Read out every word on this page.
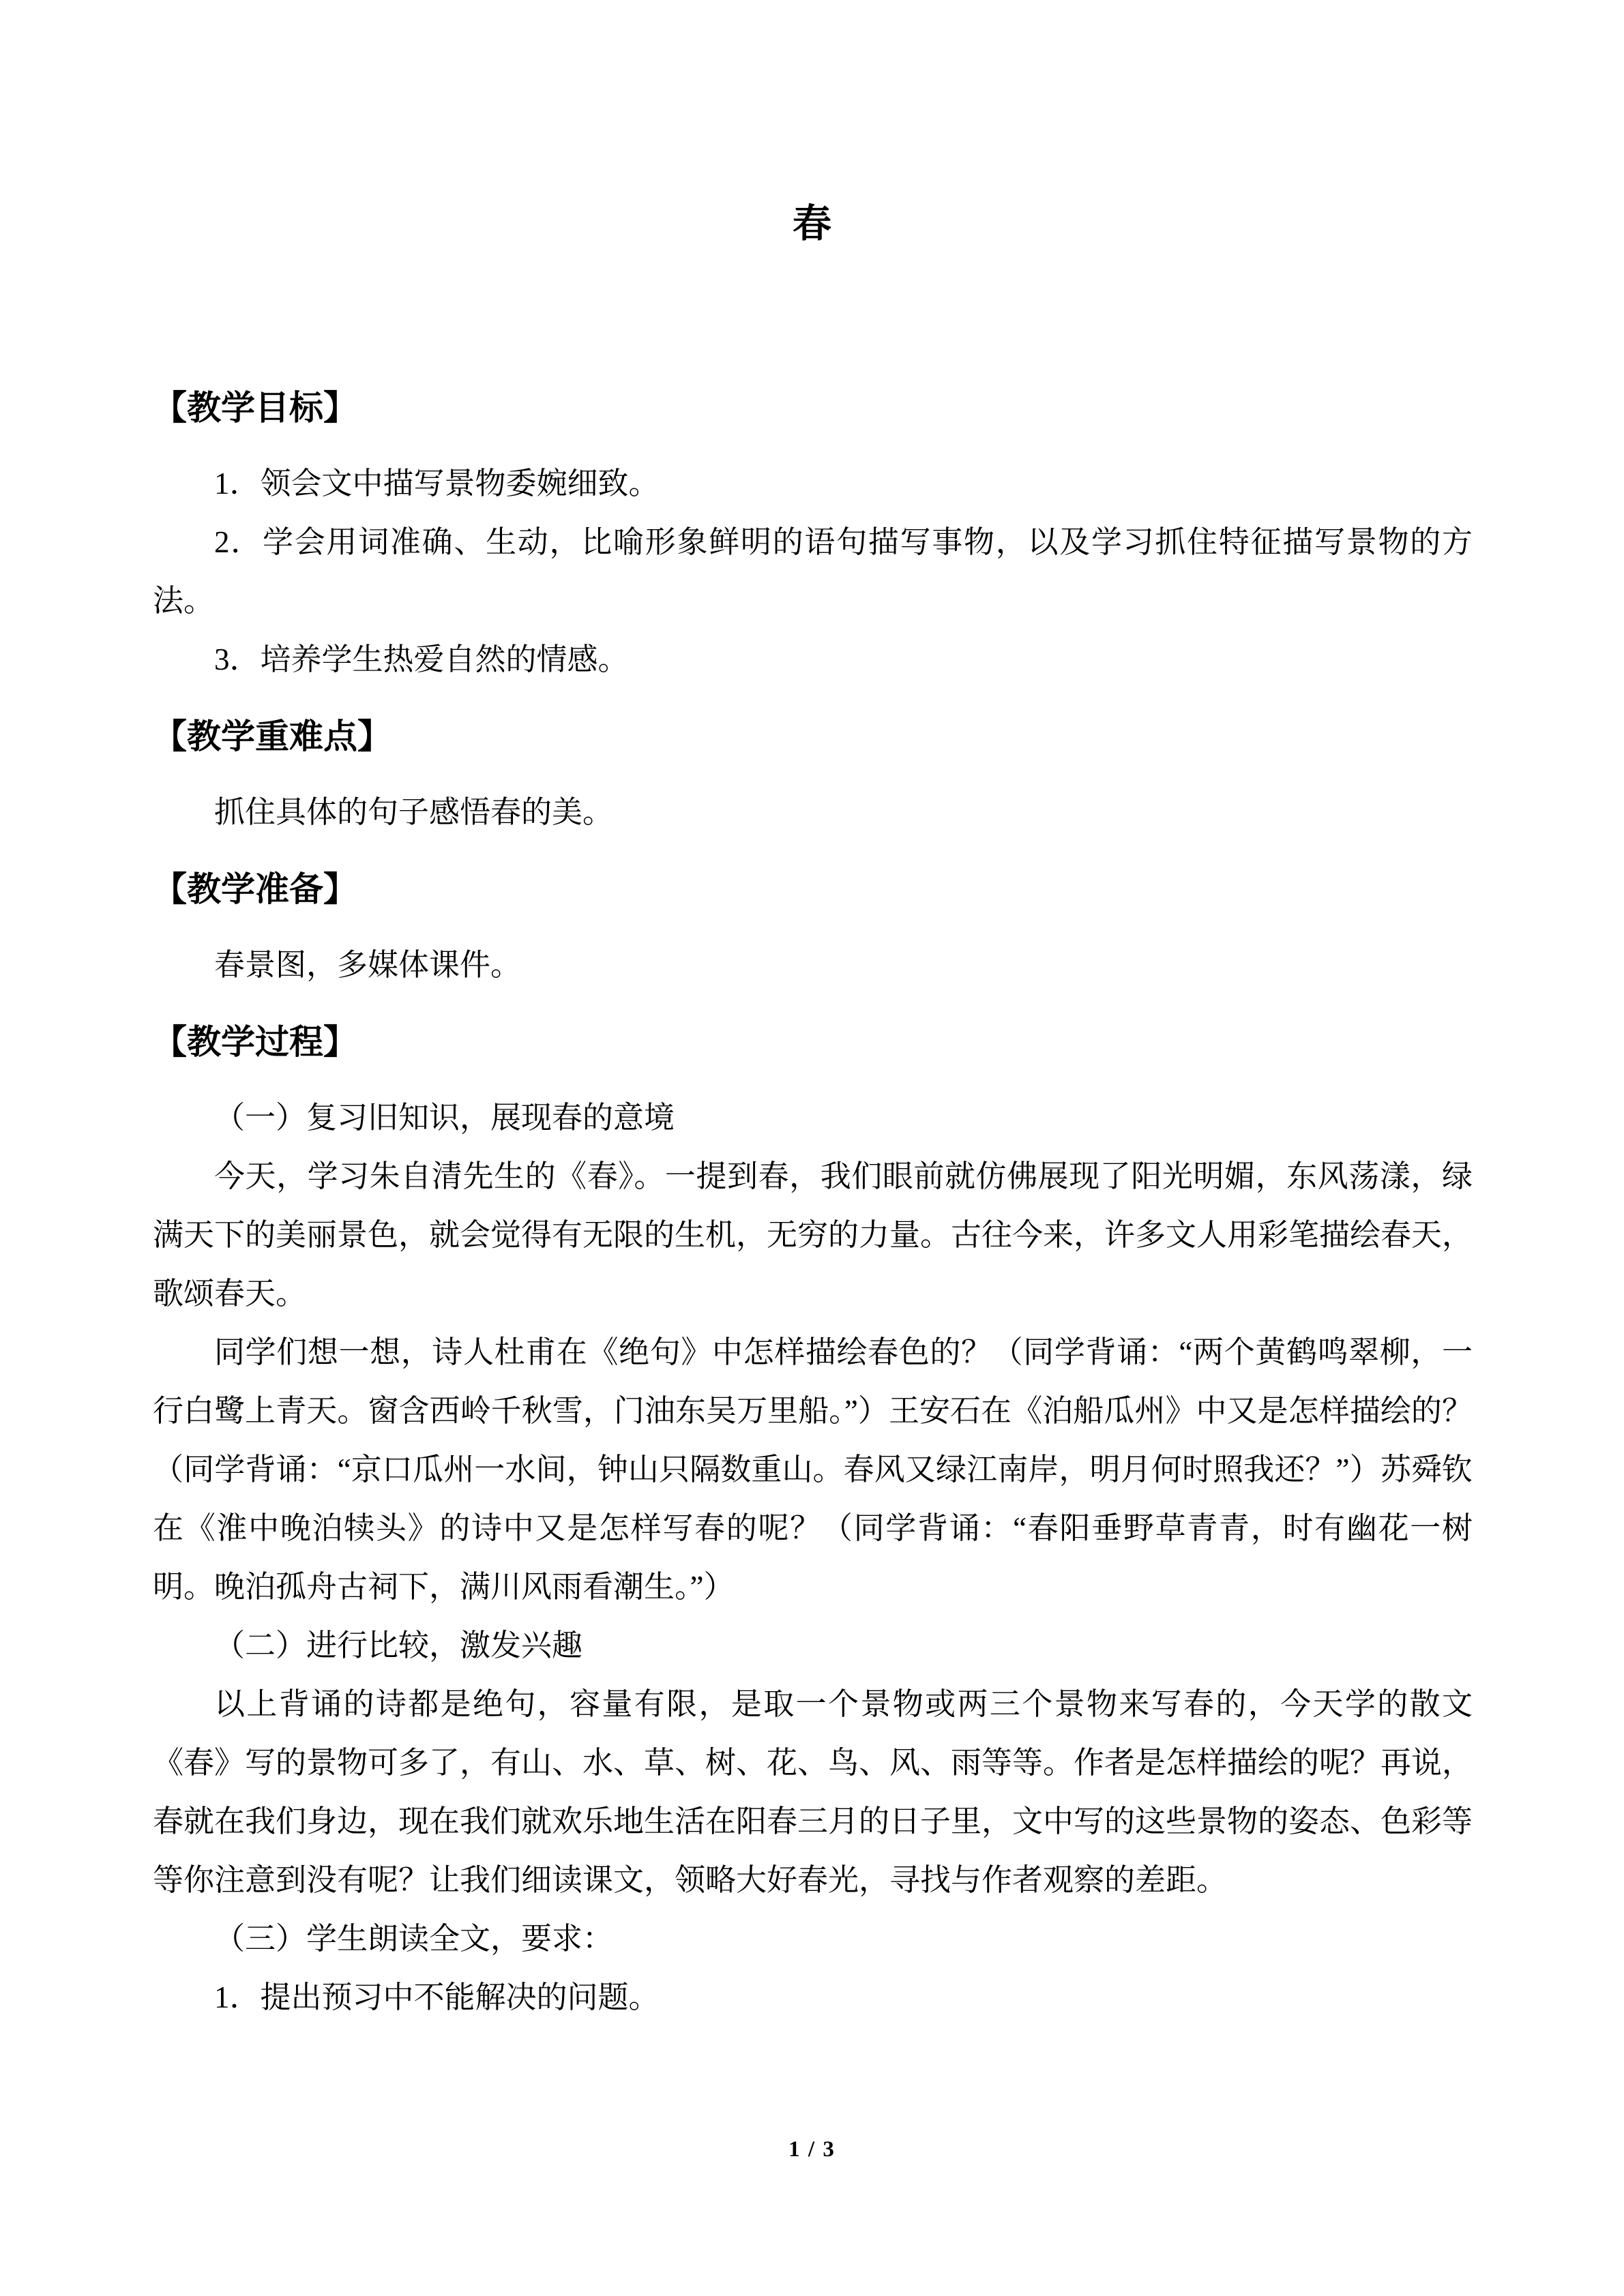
春
【教学目标】

1．领会文中描写景物委婉细致。

2．学会用词准确、生动，比喻形象鲜明的语句描写事物，以及学习抓住特征描写景物的方法。

3．培养学生热爱自然的情感。

【教学重难点】

抓住具体的句子感悟春的美。

【教学准备】

春景图，多媒体课件。

【教学过程】

（一）复习旧知识，展现春的意境

今天，学习朱自清先生的《春》。一提到春，我们眼前就仿佛展现了阳光明媚，东风荡漾，绿满天下的美丽景色，就会觉得有无限的生机，无穷的力量。古往今来，许多文人用彩笔描绘春天，歌颂春天。

同学们想一想，诗人杜甫在《绝句》中怎样描绘春色的？（同学背诵：“两个黄鹤鸣翠柳，一行白鹭上青天。窗含西岭千秋雪，门油东吴万里船。”）王安石在《泊船瓜州》中又是怎样描绘的？（同学背诵：“京口瓜州一水间，钟山只隔数重山。春风又绿江南岸，明月何时照我还？”）苏舜钦在《淮中晚泊犊头》的诗中又是怎样写春的呢？（同学背诵：“春阳垂野草青青，时有幽花一树明。晚泊孤舟古祠下，满川风雨看潮生。”）

（二）进行比较，激发兴趣

以上背诵的诗都是绝句，容量有限，是取一个景物或两三个景物来写春的，今天学的散文《春》写的景物可多了，有山、水、草、树、花、鸟、风、雨等等。作者是怎样描绘的呢？再说，春就在我们身边，现在我们就欢乐地生活在阳春三月的日子里，文中写的这些景物的姿态、色彩等等你注意到没有呢？让我们细读课文，领略大好春光，寻找与作者观察的差距。

（三）学生朗读全文，要求：

1．提出预习中不能解决的问题。

1 / 3
